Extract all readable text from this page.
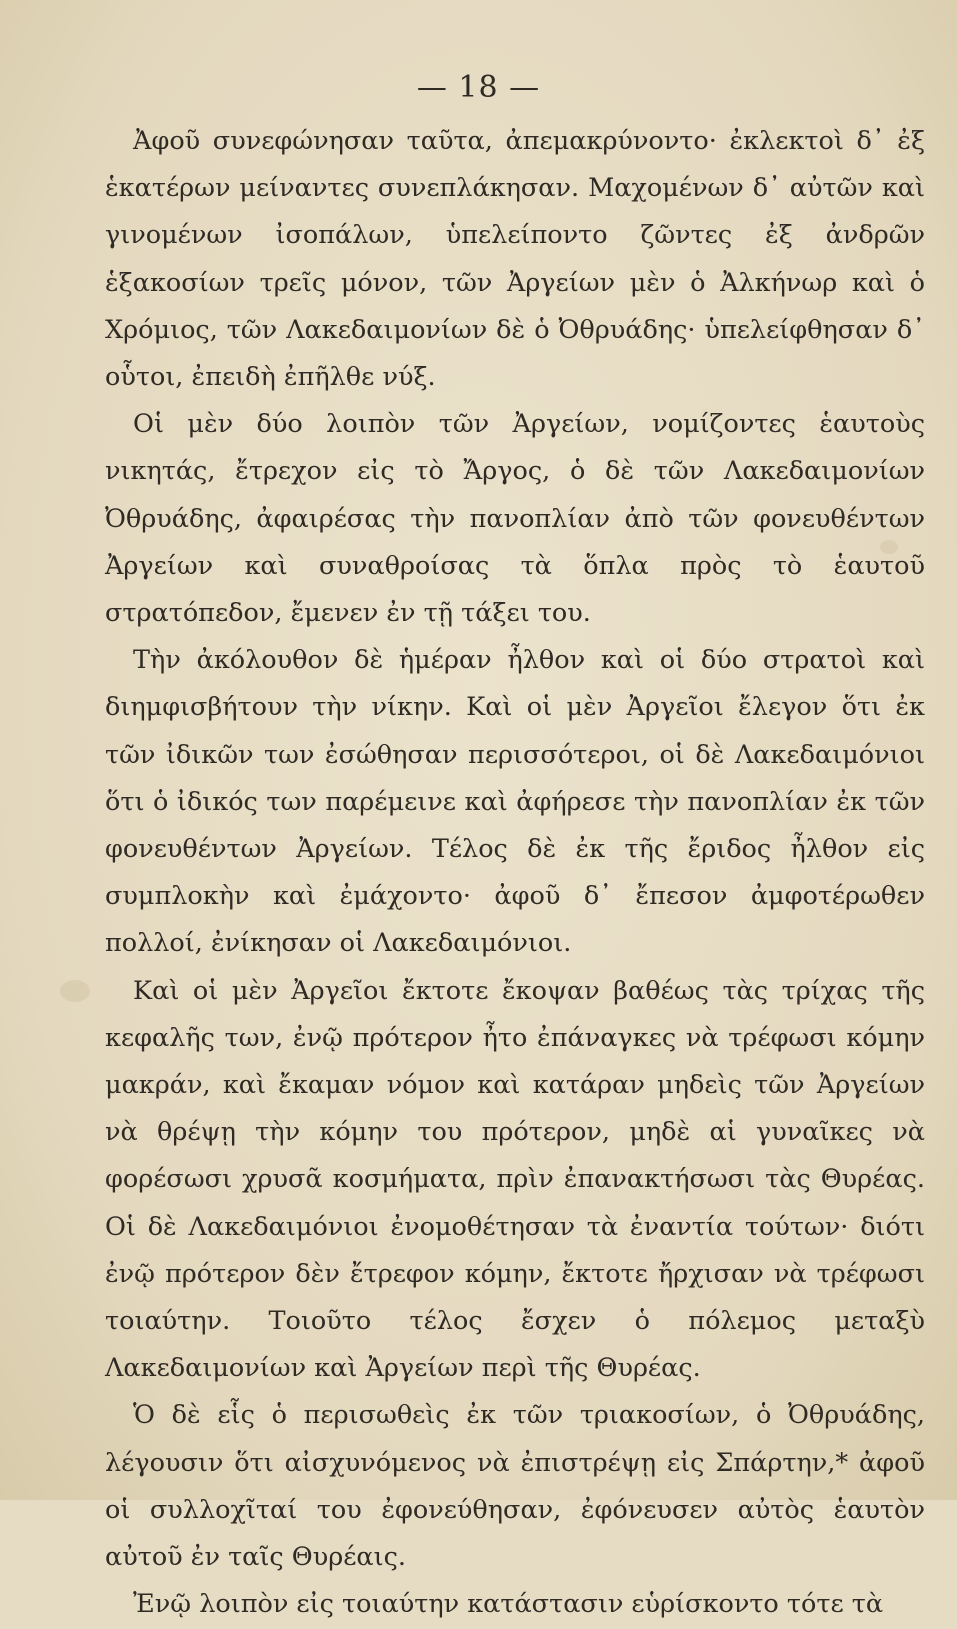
— 18 —

Ἀφοῦ συνεφώνησαν ταῦτα, ἀπεμακρύνοντο· ἐκλεκτοὶ δ᾿ ἐξ ἑκατέρων μείναντες συνεπλάκησαν. Μαχομένων δ᾿ αὐτῶν καὶ γινομένων ἰσοπάλων, ὑπελείποντο ζῶντες ἐξ ἀνδρῶν ἑξακοσίων τρεῖς μόνον, τῶν Ἀργείων μὲν ὁ Ἀλκήνωρ καὶ ὁ Χρόμιος, τῶν Λακεδαιμονίων δὲ ὁ Ὀθρυάδης· ὑπελείφθησαν δ᾿ οὗτοι, ἐπειδὴ ἐπῆλθε νύξ.

Οἱ μὲν δύο λοιπὸν τῶν Ἀργείων, νομίζοντες ἑαυτοὺς νικητάς, ἔτρεχον εἰς τὸ Ἄργος, ὁ δὲ τῶν Λακεδαιμονίων Ὀθρυάδης, ἀφαιρέσας τὴν πανοπλίαν ἀπὸ τῶν φονευθέντων Ἀργείων καὶ συναθροίσας τὰ ὅπλα πρὸς τὸ ἑαυτοῦ στρατόπεδον, ἔμενεν ἐν τῇ τάξει του.

Τὴν ἀκόλουθον δὲ ἡμέραν ἦλθον καὶ οἱ δύο στρατοὶ καὶ διημφισβήτουν τὴν νίκην. Καὶ οἱ μὲν Ἀργεῖοι ἔλεγον ὅτι ἐκ τῶν ἰδικῶν των ἐσώθησαν περισσότεροι, οἱ δὲ Λακεδαιμόνιοι ὅτι ὁ ἰδικός των παρέμεινε καὶ ἀφήρεσε τὴν πανοπλίαν ἐκ τῶν φονευθέντων Ἀργείων. Τέλος δὲ ἐκ τῆς ἔριδος ἦλθον εἰς συμπλοκὴν καὶ ἐμάχοντο· ἀφοῦ δ᾿ ἔπεσον ἀμφοτέρωθεν πολλοί, ἐνίκησαν οἱ Λακεδαιμόνιοι.

Καὶ οἱ μὲν Ἀργεῖοι ἔκτοτε ἔκοψαν βαθέως τὰς τρίχας τῆς κεφαλῆς των, ἐνῷ πρότερον ἦτο ἐπάναγκες νὰ τρέφωσι κόμην μακράν, καὶ ἔκαμαν νόμον καὶ κατάραν μηδεὶς τῶν Ἀργείων νὰ θρέψῃ τὴν κόμην του πρότερον, μηδὲ αἱ γυναῖκες νὰ φορέσωσι χρυσᾶ κοσμήματα, πρὶν ἐπανακτήσωσι τὰς Θυρέας. Οἱ δὲ Λακεδαιμόνιοι ἐνομοθέτησαν τὰ ἐναντία τούτων· διότι ἐνῷ πρότερον δὲν ἔτρεφον κόμην, ἔκτοτε ἤρχισαν νὰ τρέφωσι τοιαύτην. Τοιοῦτο τέλος ἔσχεν ὁ πόλεμος μεταξὺ Λακεδαιμονίων καὶ Ἀργείων περὶ τῆς Θυρέας.

Ὁ δὲ εἷς ὁ περισωθεὶς ἐκ τῶν τριακοσίων, ὁ Ὀθρυάδης, λέγουσιν ὅτι αἰσχυνόμενος νὰ ἐπιστρέψῃ εἰς Σπάρτην,* ἀφοῦ οἱ συλλοχῖταί του ἐφονεύθησαν, ἐφόνευσεν αὐτὸς ἑαυτὸν αὐτοῦ ἐν ταῖς Θυρέαις.

Ἐνῷ λοιπὸν εἰς τοιαύτην κατάστασιν εὑρίσκοντο τότε τὰ
